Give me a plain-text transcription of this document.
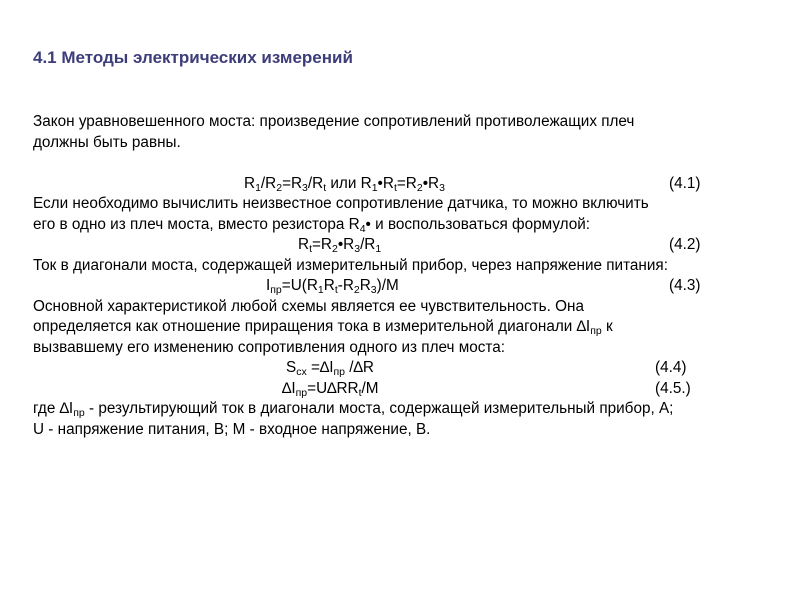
4.1 Методы электрических измерений
Закон уравновешенного моста: произведение сопротивлений противолежащих плеч
должны быть равны.
$R_1/R_2=R_3/R_t$ или $R_1•R_t=R_2•R_3$	(4.1)
Если необходимо вычислить неизвестное сопротивление датчика, то можно включить
его в одно из плеч моста, вместо резистора $R_4•$ и воспользоваться формулой:
$R_t=R_2•R_3/R_1$	(4.2)
Ток в диагонали моста, содержащей измерительный прибор, через напряжение питания:
$I_{пр}=U(R_1R_t-R_2R_3)/M$	(4.3)
Основной характеристикой любой схемы является ее чувствительность. Она
определяется как отношение приращения тока в измерительной диагонали $\Delta I_{пр}$ к
вызвавшему его изменению сопротивления одного из плеч моста:
$S_{сх} =\Delta I_{пр}$ /∆R	(4.4)
$\Delta I_{пр}=U\Delta RR_t/M$	(4.5.)
где $\Delta I_{пр}$ - результирующий ток в диагонали моста, содержащей измерительный прибор, А;
U - напряжение питания, В; М - входное напряжение, В.
